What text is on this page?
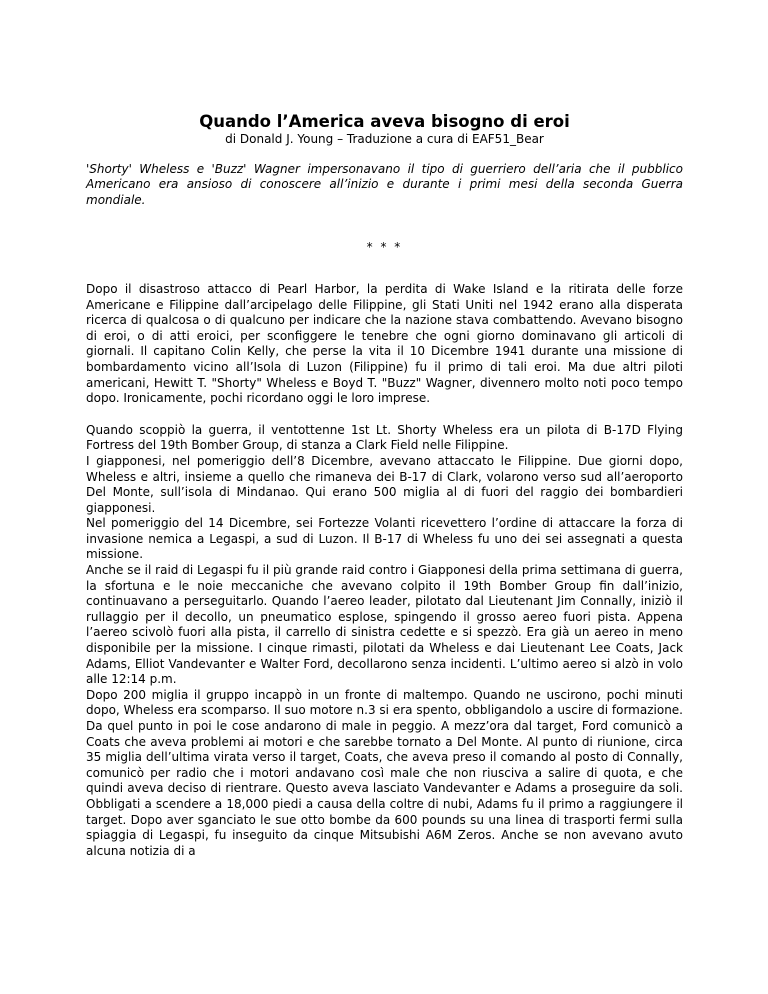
Quando l’America aveva bisogno di eroi

di Donald J. Young – Traduzione a cura di EAF51_Bear

'Shorty' Wheless e 'Buzz' Wagner impersonavano il tipo di guerriero dell’aria che il pubblico Americano era ansioso di conoscere all’inizio e durante i primi mesi della seconda Guerra mondiale.

* * *

Dopo il disastroso attacco di Pearl Harbor, la perdita di Wake Island e la ritirata delle forze Americane e Filippine dall’arcipelago delle Filippine, gli Stati Uniti nel 1942 erano alla disperata ricerca di qualcosa o di qualcuno per indicare che la nazione stava combattendo. Avevano bisogno di eroi, o di atti eroici, per sconfiggere le tenebre che ogni giorno dominavano gli articoli di giornali. Il capitano Colin Kelly, che perse la vita il 10 Dicembre 1941 durante una missione di bombardamento vicino all’Isola di Luzon (Filippine) fu il primo di tali eroi. Ma due altri piloti americani, Hewitt T. "Shorty" Wheless e Boyd T. "Buzz" Wagner, divennero molto noti poco tempo dopo. Ironicamente, pochi ricordano oggi le loro imprese.

Quando scoppiò la guerra, il ventottenne 1st Lt. Shorty Wheless era un pilota di B-17D Flying Fortress del 19th Bomber Group, di stanza a Clark Field nelle Filippine.

I giapponesi, nel pomeriggio dell’8 Dicembre, avevano attaccato le Filippine. Due giorni dopo, Wheless e altri, insieme a quello che rimaneva dei B-17 di Clark, volarono verso sud all’aeroporto Del Monte, sull’isola di Mindanao. Qui erano 500 miglia al di fuori del raggio dei bombardieri giapponesi.

Nel pomeriggio del 14 Dicembre, sei Fortezze Volanti ricevettero l’ordine di attaccare la forza di invasione nemica a Legaspi, a sud di Luzon. Il B-17 di Wheless fu uno dei sei assegnati a questa missione.

Anche se il raid di Legaspi fu il più grande raid contro i Giapponesi della prima settimana di guerra, la sfortuna e le noie meccaniche che avevano colpito il 19th Bomber Group fin dall’inizio, continuavano a perseguitarlo. Quando l’aereo leader, pilotato dal Lieutenant Jim Connally, iniziò il rullaggio per il decollo, un pneumatico esplose, spingendo il grosso aereo fuori pista. Appena l’aereo scivolò fuori alla pista, il carrello di sinistra cedette e si spezzò. Era già un aereo in meno disponibile per la missione. I cinque rimasti, pilotati da Wheless e dai Lieutenant Lee Coats, Jack Adams, Elliot Vandevanter e Walter Ford, decollarono senza incidenti. L’ultimo aereo si alzò in volo alle 12:14 p.m.

Dopo 200 miglia il gruppo incappò in un fronte di maltempo. Quando ne uscirono, pochi minuti dopo, Wheless era scomparso. Il suo motore n.3 si era spento, obbligandolo a uscire di formazione. Da quel punto in poi le cose andarono di male in peggio. A mezz’ora dal target, Ford comunicò a Coats che aveva problemi ai motori e che sarebbe tornato a Del Monte. Al punto di riunione, circa 35 miglia dell’ultima virata verso il target, Coats, che aveva preso il comando al posto di Connally, comunicò per radio che i motori andavano così male che non riusciva a salire di quota, e che quindi aveva deciso di rientrare. Questo aveva lasciato Vandevanter e Adams a proseguire da soli. Obbligati a scendere a 18,000 piedi a causa della coltre di nubi, Adams fu il primo a raggiungere il target. Dopo aver sganciato le sue otto bombe da 600 pounds su una linea di trasporti fermi sulla spiaggia di Legaspi, fu inseguito da cinque Mitsubishi A6M Zeros. Anche se non avevano avuto alcuna notizia di a
